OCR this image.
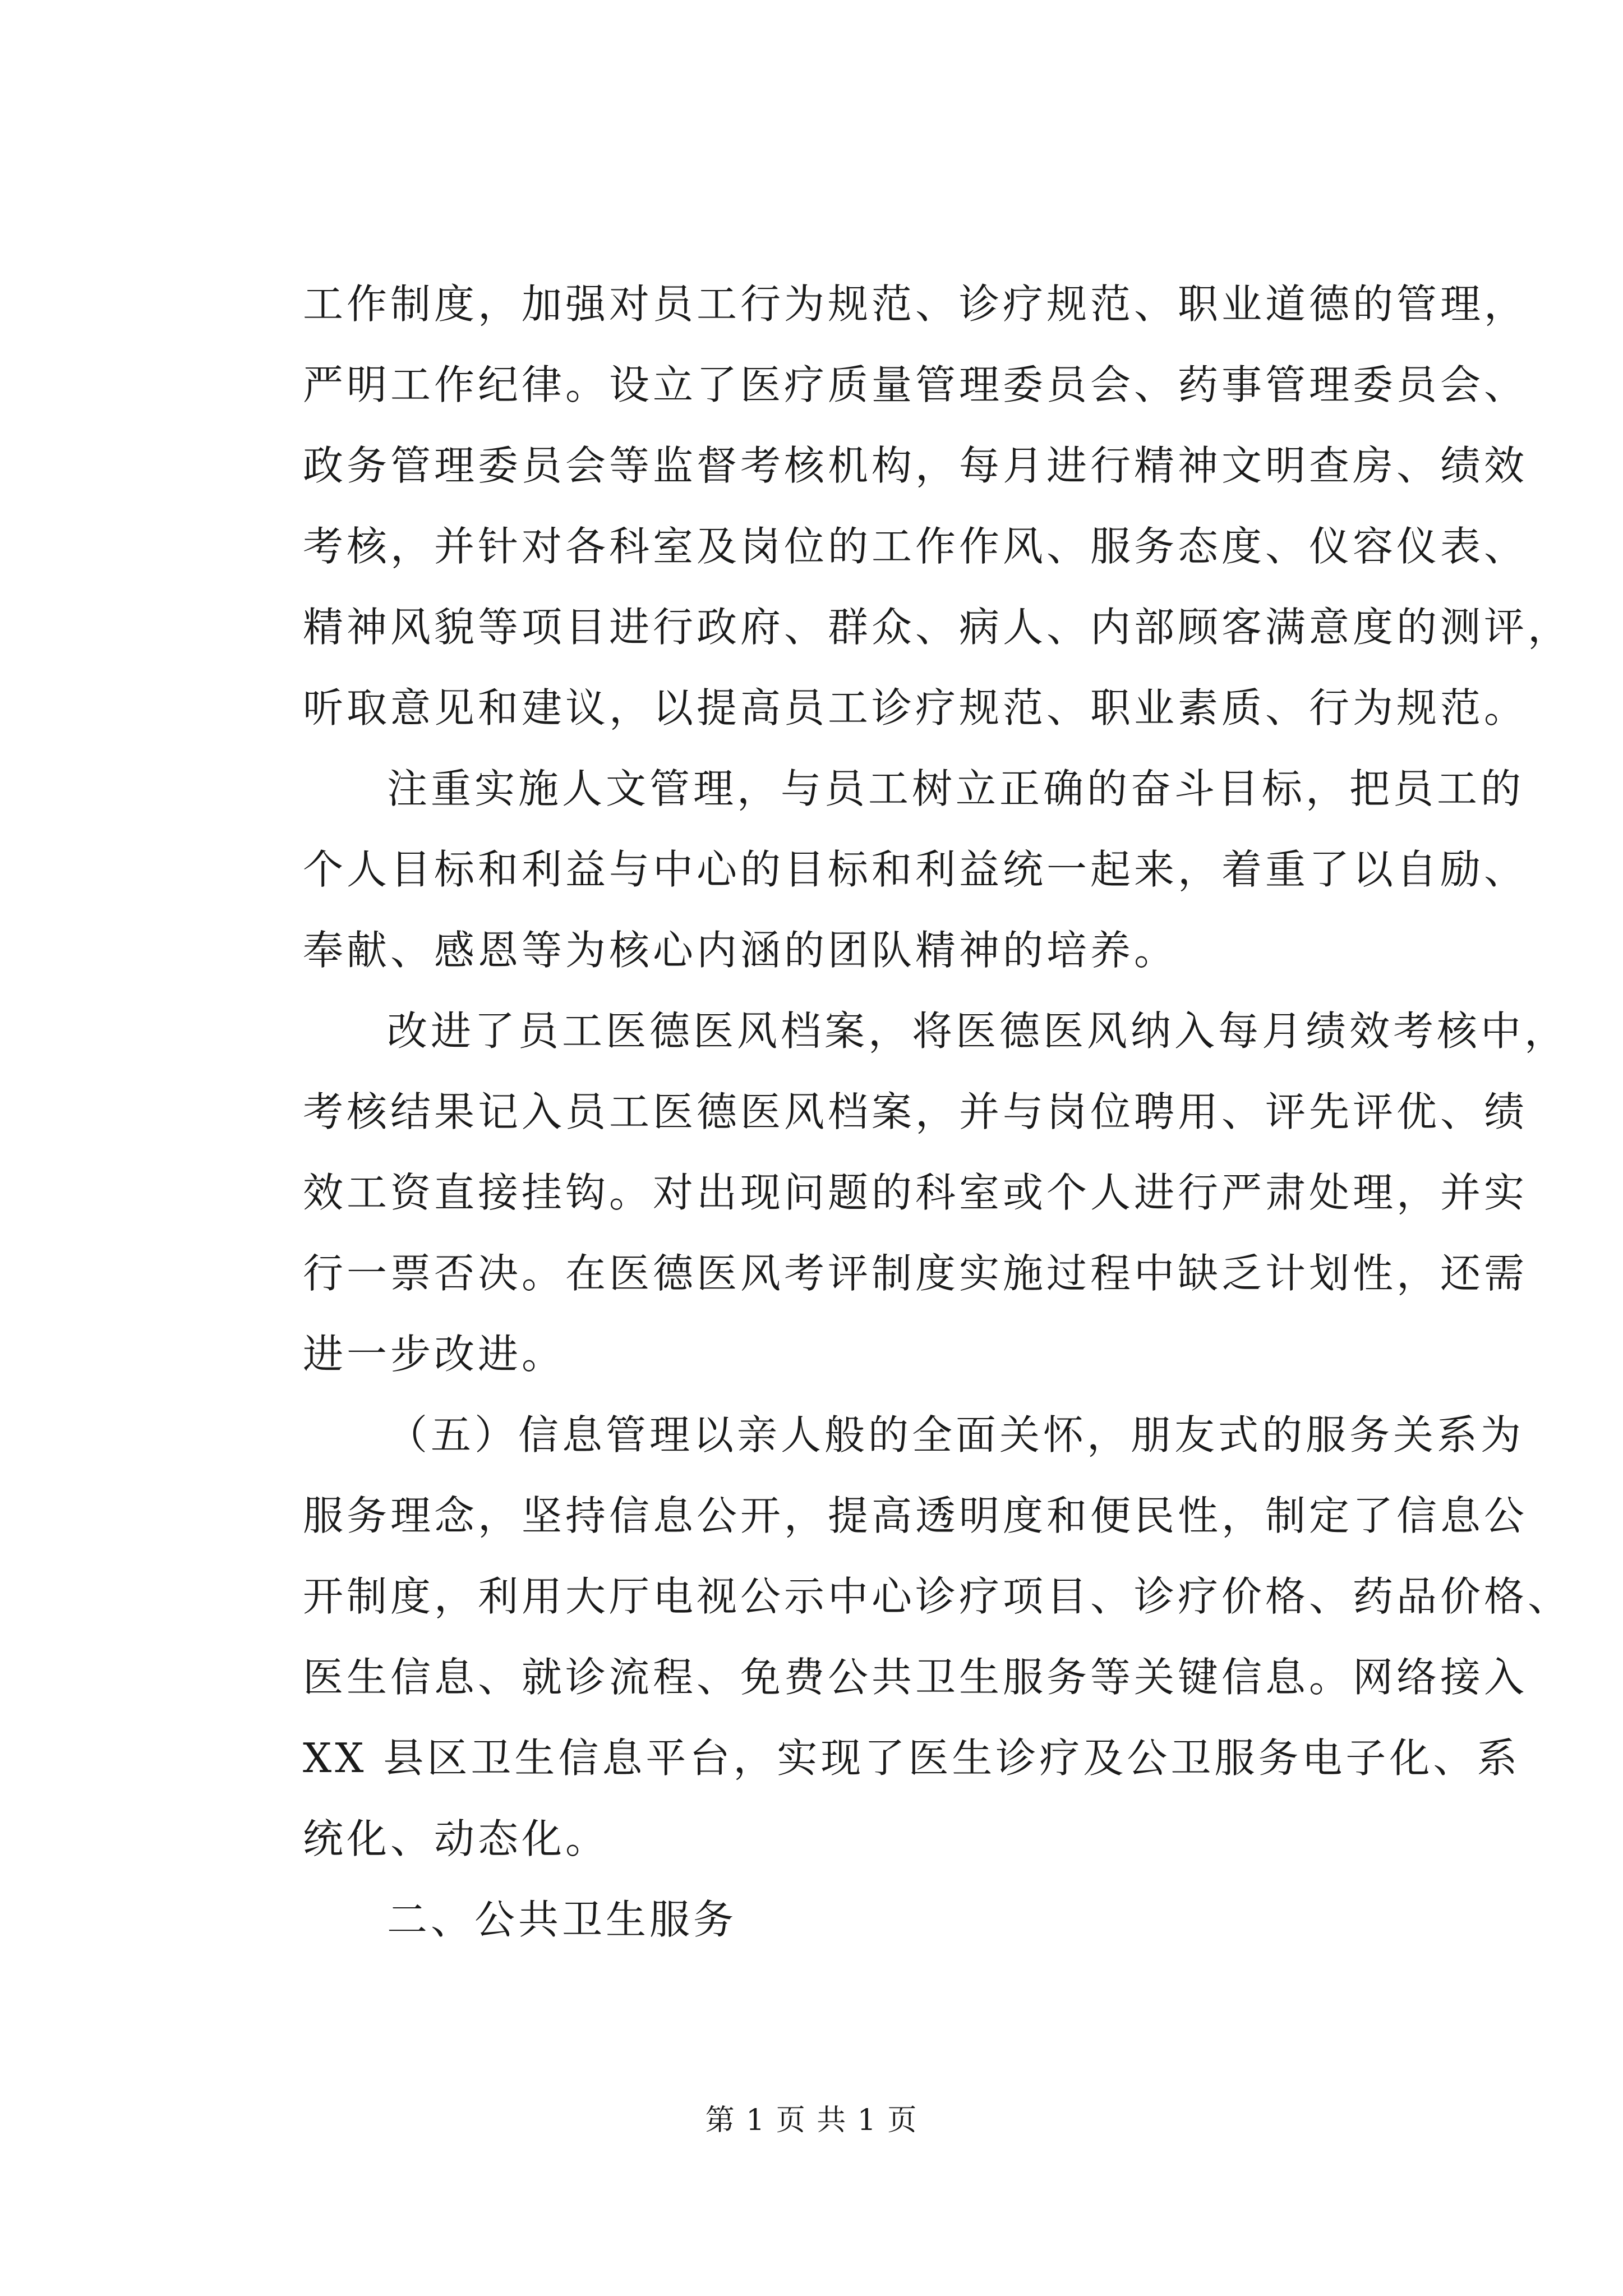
工作制度，加强对员工行为规范、诊疗规范、职业道德的管理，
严明工作纪律。设立了医疗质量管理委员会、药事管理委员会、
政务管理委员会等监督考核机构，每月进行精神文明查房、绩效
考核，并针对各科室及岗位的工作作风、服务态度、仪容仪表、
精神风貌等项目进行政府、群众、病人、内部顾客满意度的测评，
听取意见和建议，以提高员工诊疗规范、职业素质、行为规范。
注重实施人文管理，与员工树立正确的奋斗目标，把员工的
个人目标和利益与中心的目标和利益统一起来，着重了以自励、
奉献、感恩等为核心内涵的团队精神的培养。
改进了员工医德医风档案，将医德医风纳入每月绩效考核中，
考核结果记入员工医德医风档案，并与岗位聘用、评先评优、绩
效工资直接挂钩。对出现问题的科室或个人进行严肃处理，并实
行一票否决。在医德医风考评制度实施过程中缺乏计划性，还需
进一步改进。
（五）信息管理以亲人般的全面关怀，朋友式的服务关系为
服务理念，坚持信息公开，提高透明度和便民性，制定了信息公
开制度，利用大厅电视公示中心诊疗项目、诊疗价格、药品价格、
医生信息、就诊流程、免费公共卫生服务等关键信息。网络接入
XX 县区卫生信息平台，实现了医生诊疗及公卫服务电子化、系
统化、动态化。
二、公共卫生服务
第 1 页 共 1 页
